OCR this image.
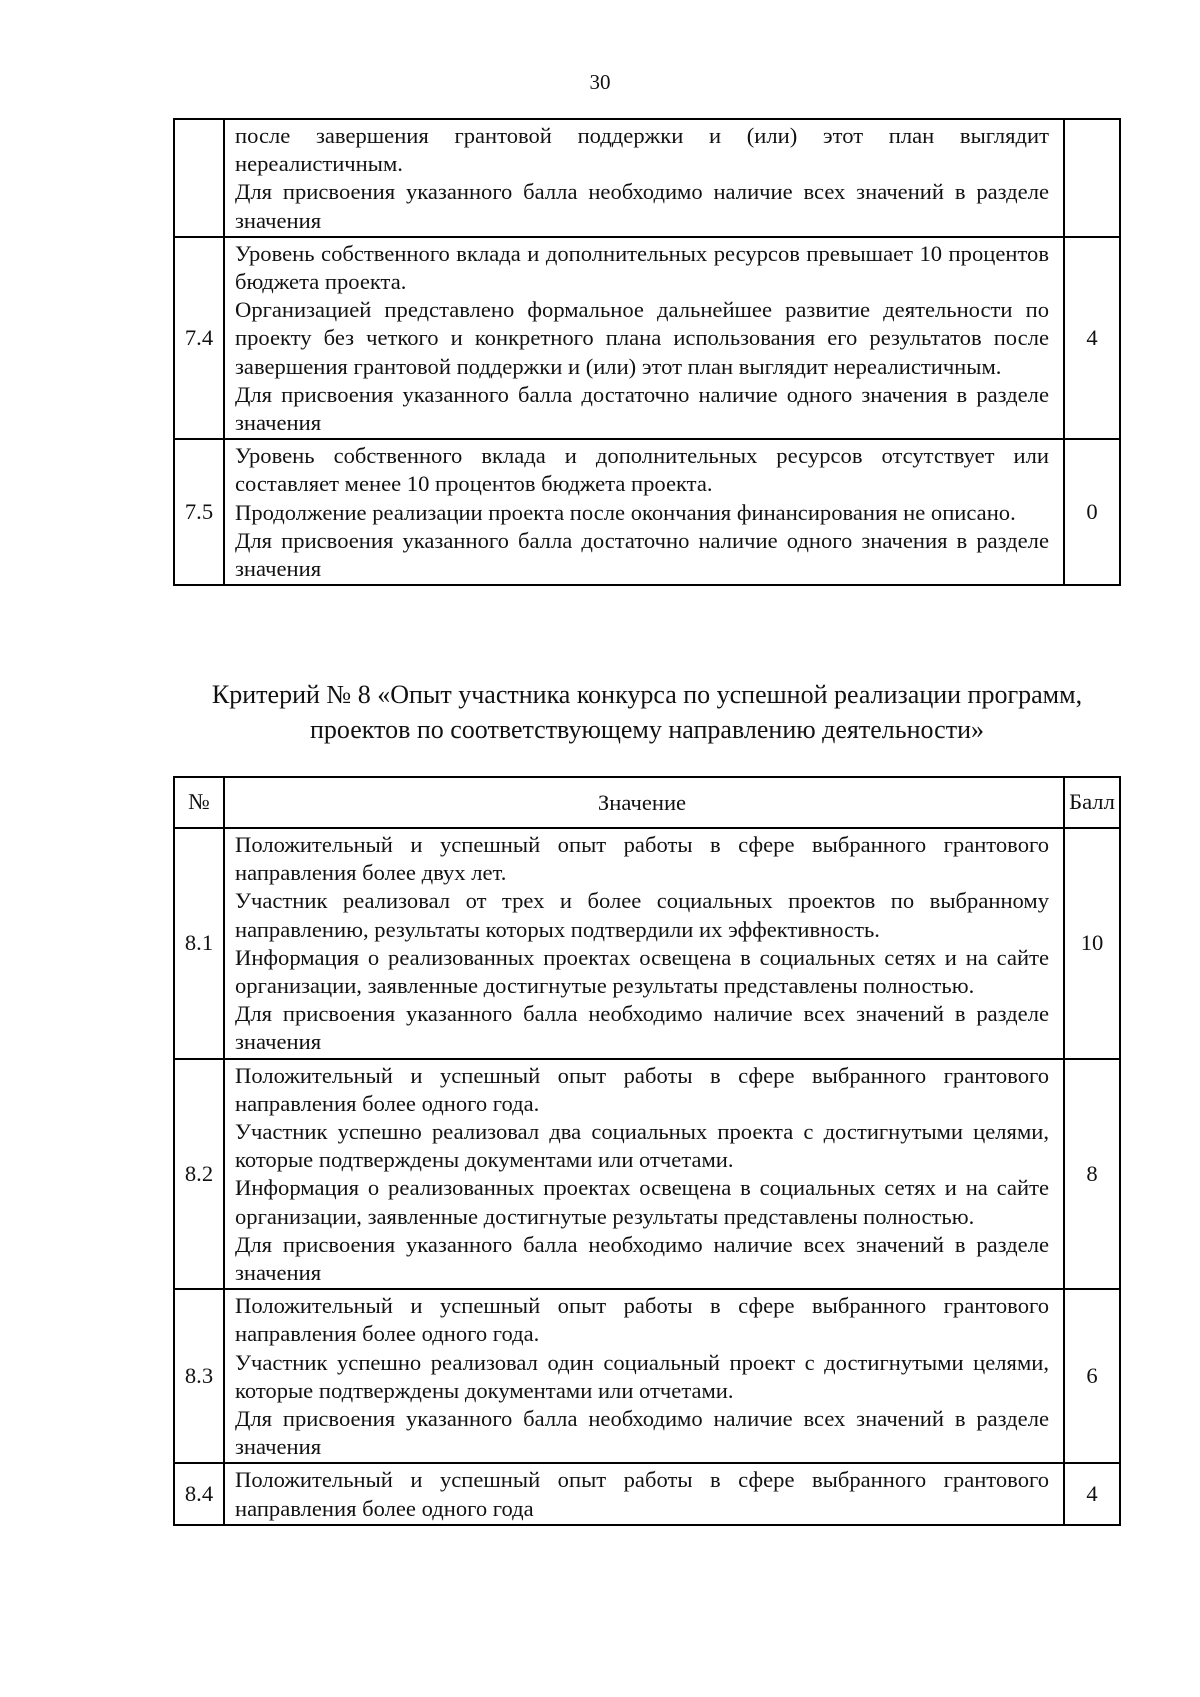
30

	после завершения грантовой поддержки и (или) этот план выглядит нереалистичным.

Для присвоения указанного балла необходимо наличие всех значений в разделе значения	

7.4	Уровень собственного вклада и дополнительных ресурсов превышает 10 процентов бюджета проекта.

Организацией представлено формальное дальнейшее развитие деятельности по проекту без четкого и конкретного плана использования его результатов после завершения грантовой поддержки и (или) этот план выглядит нереалистичным.

Для присвоения указанного балла достаточно наличие одного значения в разделе значения	4
7.5	Уровень собственного вклада и дополнительных ресурсов отсутствует или составляет менее 10 процентов бюджета проекта.

Продолжение реализации проекта после окончания финансирования не описано.

Для присвоения указанного балла достаточно наличие одного значения в разделе значения	0
Критерий № 8 «Опыт участника конкурса по успешной реализации программ, проектов по соответствующему направлению деятельности»
№	Значение	Балл
8.1	Положительный и успешный опыт работы в сфере выбранного грантового направления более двух лет.

Участник реализовал от трех и более социальных проектов по выбранному направлению, результаты которых подтвердили их эффективность.

Информация о реализованных проектах освещена в социальных сетях и на сайте организации, заявленные достигнутые результаты представлены полностью.

Для присвоения указанного балла необходимо наличие всех значений в разделе значения	10
8.2	Положительный и успешный опыт работы в сфере выбранного грантового направления более одного года.

Участник успешно реализовал два социальных проекта с достигнутыми целями, которые подтверждены документами или отчетами.

Информация о реализованных проектах освещена в социальных сетях и на сайте организации, заявленные достигнутые результаты представлены полностью.

Для присвоения указанного балла необходимо наличие всех значений в разделе значения	8
8.3	Положительный и успешный опыт работы в сфере выбранного грантового направления более одного года.

Участник успешно реализовал один социальный проект с достигнутыми целями, которые подтверждены документами или отчетами.

Для присвоения указанного балла необходимо наличие всех значений в разделе значения	6
8.4	Положительный и успешный опыт работы в сфере выбранного грантового направления более одного года	4
